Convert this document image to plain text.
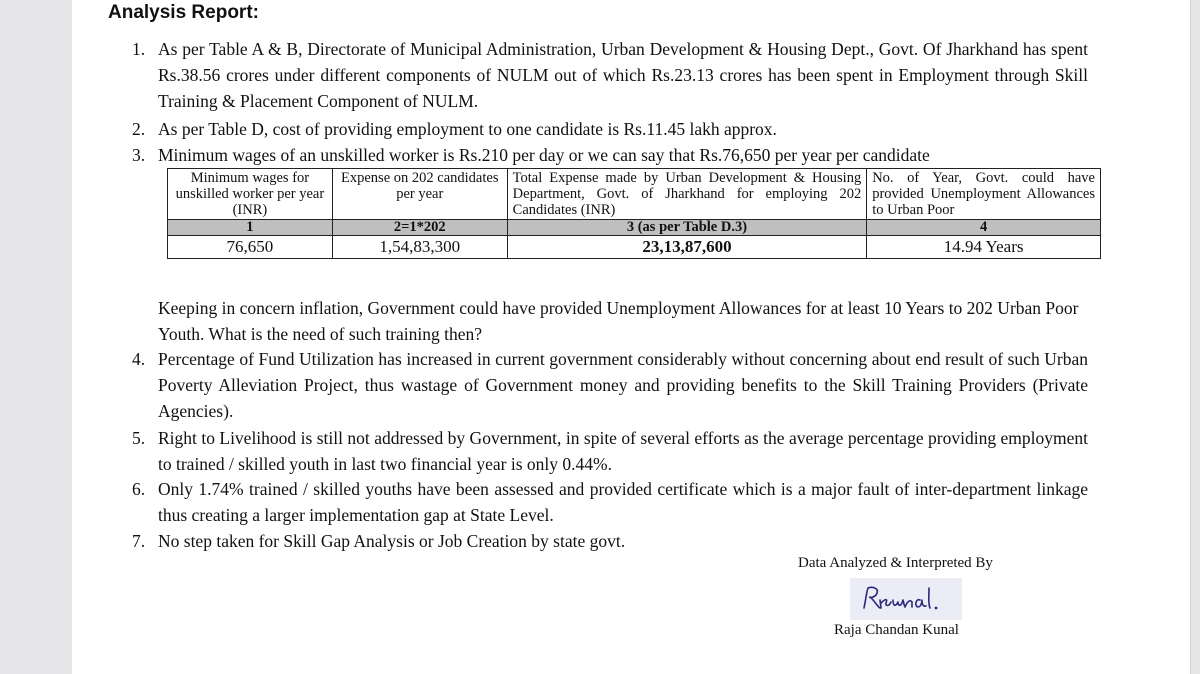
Analysis Report:
1. As per Table A & B, Directorate of Municipal Administration, Urban Development & Housing Dept., Govt. Of Jharkhand has spent Rs.38.56 crores under different components of NULM out of which Rs.23.13 crores has been spent in Employment through Skill Training & Placement Component of NULM.
2. As per Table D, cost of providing employment to one candidate is Rs.11.45 lakh approx.
3. Minimum wages of an unskilled worker is Rs.210 per day or we can say that Rs.76,650 per year per candidate
Minimum wages for unskilled worker per year (INR)	Expense on 202 candidates per year	Total Expense made by Urban Development & Housing Department, Govt. of Jharkhand for employing 202 Candidates (INR)	No. of Year, Govt. could have provided Unemployment Allowances to Urban Poor
1	2=1*202	3 (as per Table D.3)	4
76,650	1,54,83,300	23,13,87,600	14.94 Years
Keeping in concern inflation, Government could have provided Unemployment Allowances for at least 10 Years to 202 Urban Poor Youth. What is the need of such training then?
4. Percentage of Fund Utilization has increased in current government considerably without concerning about end result of such Urban Poverty Alleviation Project, thus wastage of Government money and providing benefits to the Skill Training Providers (Private Agencies).
5. Right to Livelihood is still not addressed by Government, in spite of several efforts as the average percentage providing employment to trained / skilled youth in last two financial year is only 0.44%.
6. Only 1.74% trained / skilled youths have been assessed and provided certificate which is a major fault of inter-department linkage thus creating a larger implementation gap at State Level.
7. No step taken for Skill Gap Analysis or Job Creation by state govt.
Data Analyzed & Interpreted By
Raja Chandan Kunal
